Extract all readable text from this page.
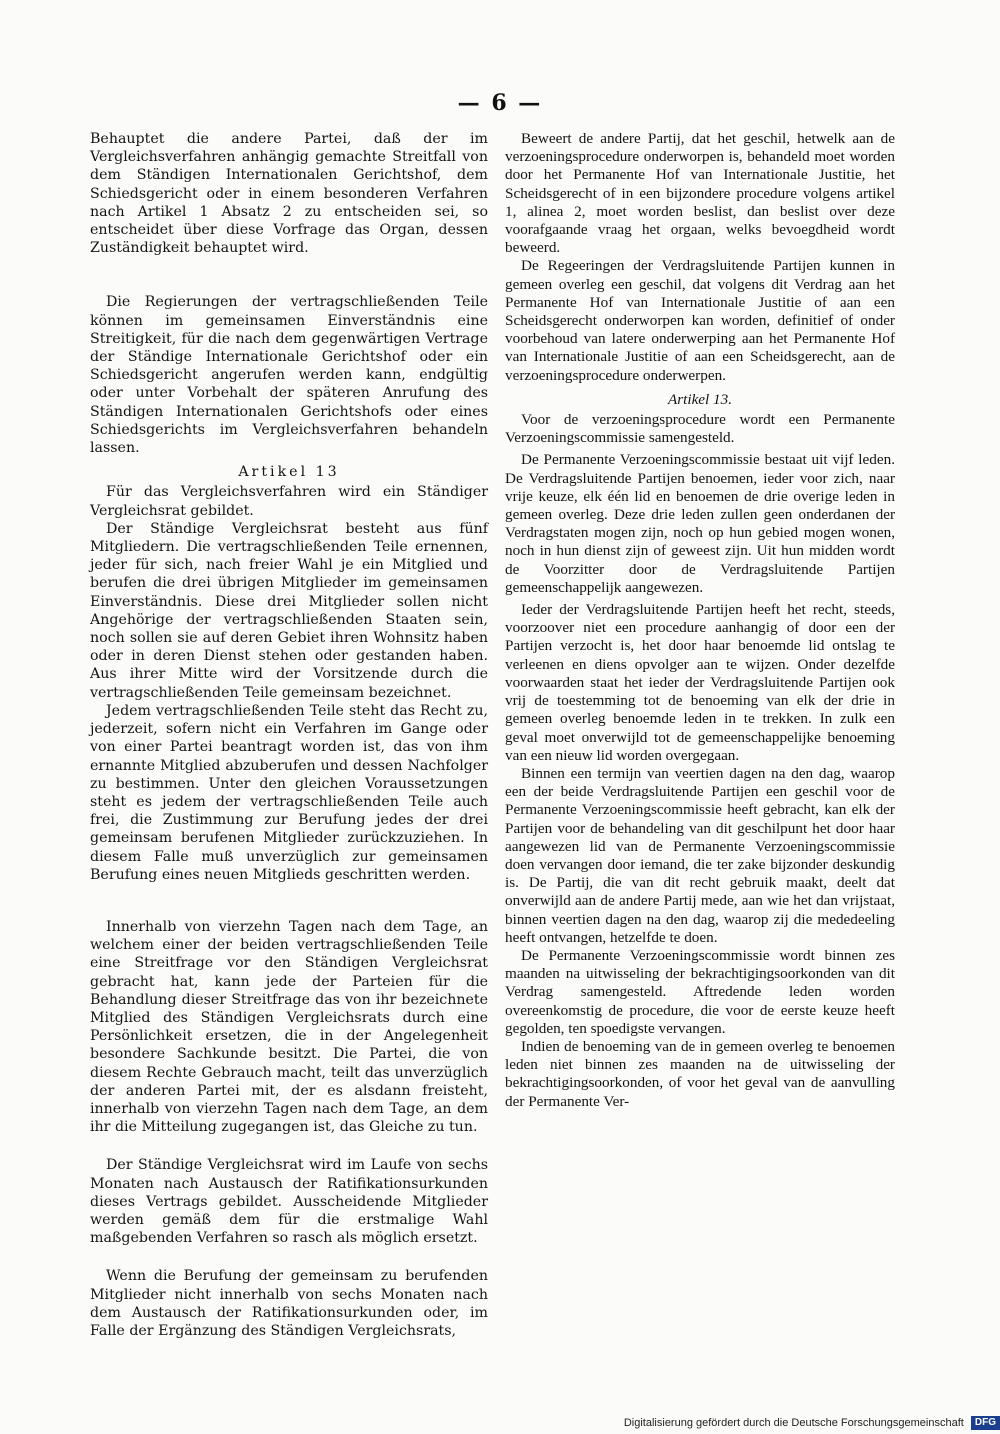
— 6 —

Behauptet die andere Partei, daß der im Vergleichsverfahren anhängig gemachte Streitfall von dem Ständigen Internationalen Gerichtshof, dem Schiedsgericht oder in einem besonderen Verfahren nach Artikel 1 Absatz 2 zu entscheiden sei, so entscheidet über diese Vorfrage das Organ, dessen Zuständigkeit behauptet wird.

Die Regierungen der vertragschließenden Teile können im gemeinsamen Einverständnis eine Streitigkeit, für die nach dem gegenwärtigen Vertrage der Ständige Internationale Gerichtshof oder ein Schiedsgericht angerufen werden kann, endgültig oder unter Vorbehalt der späteren Anrufung des Ständigen Internationalen Gerichtshofs oder eines Schiedsgerichts im Vergleichsverfahren behandeln lassen.

Artikel 13

Für das Vergleichsverfahren wird ein Ständiger Vergleichsrat gebildet.

Der Ständige Vergleichsrat besteht aus fünf Mitgliedern. Die vertragschließenden Teile ernennen, jeder für sich, nach freier Wahl je ein Mitglied und berufen die drei übrigen Mitglieder im gemeinsamen Einverständnis. Diese drei Mitglieder sollen nicht Angehörige der vertragschließenden Staaten sein, noch sollen sie auf deren Gebiet ihren Wohnsitz haben oder in deren Dienst stehen oder gestanden haben. Aus ihrer Mitte wird der Vorsitzende durch die vertragschließenden Teile gemeinsam bezeichnet.

Jedem vertragschließenden Teile steht das Recht zu, jederzeit, sofern nicht ein Verfahren im Gange oder von einer Partei beantragt worden ist, das von ihm ernannte Mitglied abzuberufen und dessen Nachfolger zu bestimmen. Unter den gleichen Voraussetzungen steht es jedem der vertragschließenden Teile auch frei, die Zustimmung zur Berufung jedes der drei gemeinsam berufenen Mitglieder zurückzuziehen. In diesem Falle muß unverzüglich zur gemeinsamen Berufung eines neuen Mitglieds geschritten werden.

Innerhalb von vierzehn Tagen nach dem Tage, an welchem einer der beiden vertragschließenden Teile eine Streitfrage vor den Ständigen Vergleichsrat gebracht hat, kann jede der Parteien für die Behandlung dieser Streitfrage das von ihr bezeichnete Mitglied des Ständigen Vergleichsrats durch eine Persönlichkeit ersetzen, die in der Angelegenheit besondere Sachkunde besitzt. Die Partei, die von diesem Rechte Gebrauch macht, teilt das unverzüglich der anderen Partei mit, der es alsdann freisteht, innerhalb von vierzehn Tagen nach dem Tage, an dem ihr die Mitteilung zugegangen ist, das Gleiche zu tun.

Der Ständige Vergleichsrat wird im Laufe von sechs Monaten nach Austausch der Ratifikationsurkunden dieses Vertrags gebildet. Ausscheidende Mitglieder werden gemäß dem für die erstmalige Wahl maßgebenden Verfahren so rasch als möglich ersetzt.

Wenn die Berufung der gemeinsam zu berufenden Mitglieder nicht innerhalb von sechs Monaten nach dem Austausch der Ratifikationsurkunden oder, im Falle der Ergänzung des Ständigen Vergleichsrats,

Beweert de andere Partij, dat het geschil, hetwelk aan de verzoeningsprocedure onderworpen is, behandeld moet worden door het Permanente Hof van Internationale Justitie, het Scheidsgerecht of in een bijzondere procedure volgens artikel 1, alinea 2, moet worden beslist, dan beslist over deze voorafgaande vraag het orgaan, welks bevoegdheid wordt beweerd.

De Regeeringen der Verdragsluitende Partijen kunnen in gemeen overleg een geschil, dat volgens dit Verdrag aan het Permanente Hof van Internationale Justitie of aan een Scheidsgerecht onderworpen kan worden, definitief of onder voorbehoud van latere onderwerping aan het Permanente Hof van Internationale Justitie of aan een Scheidsgerecht, aan de verzoeningsprocedure onderwerpen.

Artikel 13.

Voor de verzoeningsprocedure wordt een Permanente Verzoeningscommissie samengesteld.

De Permanente Verzoeningscommissie bestaat uit vijf leden. De Verdragsluitende Partijen benoemen, ieder voor zich, naar vrije keuze, elk één lid en benoemen de drie overige leden in gemeen overleg. Deze drie leden zullen geen onderdanen der Verdragstaten mogen zijn, noch op hun gebied mogen wonen, noch in hun dienst zijn of geweest zijn. Uit hun midden wordt de Voorzitter door de Verdragsluitende Partijen gemeenschappelijk aangewezen.

Ieder der Verdragsluitende Partijen heeft het recht, steeds, voorzoover niet een procedure aanhangig of door een der Partijen verzocht is, het door haar benoemde lid ontslag te verleenen en diens opvolger aan te wijzen. Onder dezelfde voorwaarden staat het ieder der Verdragsluitende Partijen ook vrij de toestemming tot de benoeming van elk der drie in gemeen overleg benoemde leden in te trekken. In zulk een geval moet onverwijld tot de gemeenschappelijke benoeming van een nieuw lid worden overgegaan.

Binnen een termijn van veertien dagen na den dag, waarop een der beide Verdragsluitende Partijen een geschil voor de Permanente Verzoeningscommissie heeft gebracht, kan elk der Partijen voor de behandeling van dit geschilpunt het door haar aangewezen lid van de Permanente Verzoeningscommissie doen vervangen door iemand, die ter zake bijzonder deskundig is. De Partij, die van dit recht gebruik maakt, deelt dat onverwijld aan de andere Partij mede, aan wie het dan vrijstaat, binnen veertien dagen na den dag, waarop zij die mededeeling heeft ontvangen, hetzelfde te doen.

De Permanente Verzoeningscommissie wordt binnen zes maanden na uitwisseling der bekrachtigingsoorkonden van dit Verdrag samengesteld. Aftredende leden worden overeenkomstig de procedure, die voor de eerste keuze heeft gegolden, ten spoedigste vervangen.

Indien de benoeming van de in gemeen overleg te benoemen leden niet binnen zes maanden na de uitwisseling der bekrachtigingsoorkonden, of voor het geval van de aanvulling der Permanente Ver-

Digitalisierung gefördert durch die Deutsche Forschungsgemeinschaft DFG
